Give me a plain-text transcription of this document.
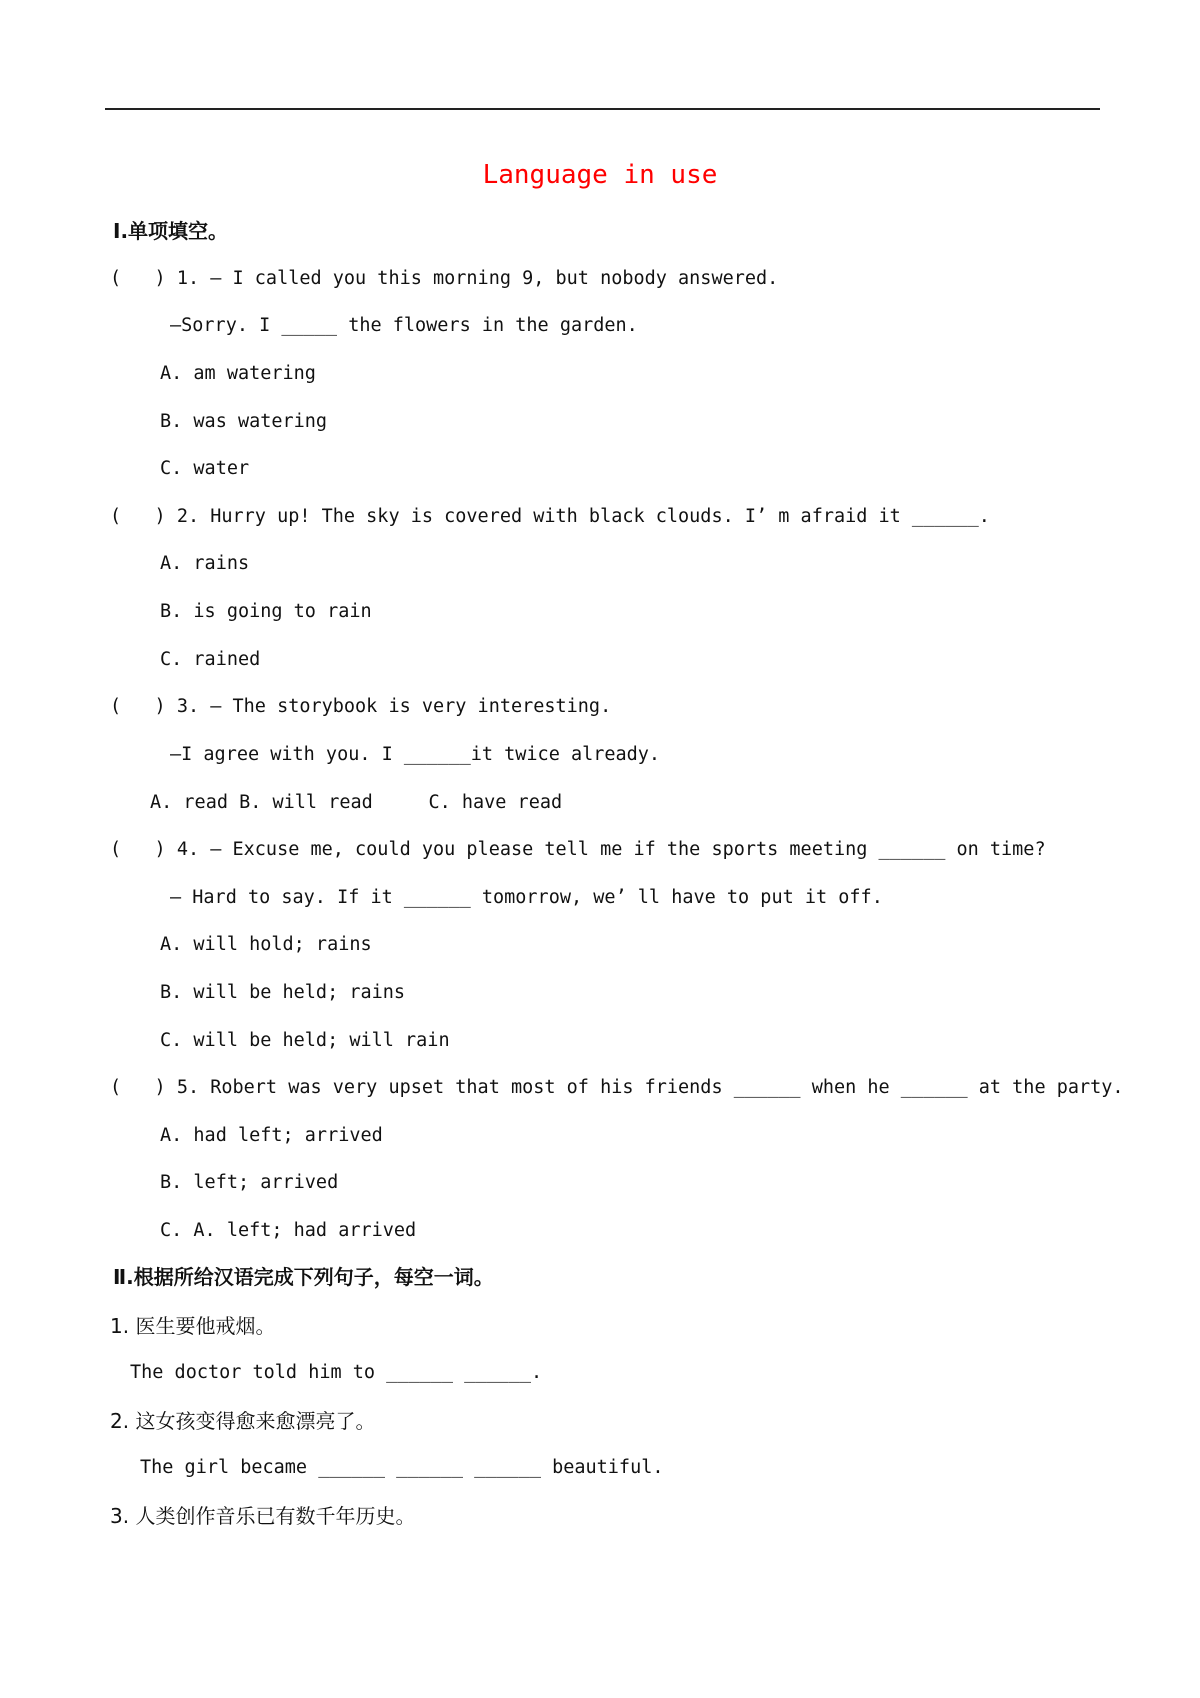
Language in use
Ⅰ.单项填空。
(   ) 1. — I called you this morning 9, but nobody answered.
—Sorry. I _____ the flowers in the garden.
A. am watering
B. was watering
C. water
(   ) 2. Hurry up! The sky is covered with black clouds. I’ m afraid it ______.
A. rains
B. is going to rain
C. rained
(   ) 3. — The storybook is very interesting.
—I agree with you. I ______it twice already.
A. read B. will read     C. have read
(   ) 4. — Excuse me, could you please tell me if the sports meeting ______ on time?
— Hard to say. If it ______ tomorrow, we’ ll have to put it off.
A. will hold; rains
B. will be held; rains
C. will be held; will rain
(   ) 5. Robert was very upset that most of his friends ______ when he ______ at the party.
A. had left; arrived
B. left; arrived
C. A. left; had arrived
Ⅱ.根据所给汉语完成下列句子，每空一词。
1. 医生要他戒烟。
The doctor told him to ______ ______.
2. 这女孩变得愈来愈漂亮了。
The girl became ______ ______ ______ beautiful.
3. 人类创作音乐已有数千年历史。
